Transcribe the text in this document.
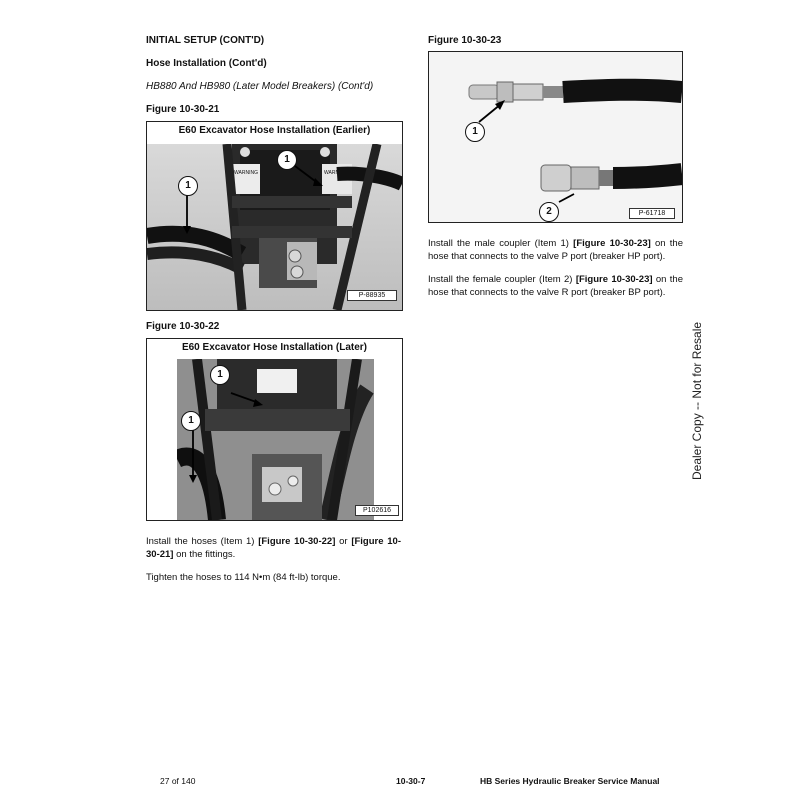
INITIAL SETUP (CONT'D)
Hose Installation (Cont'd)
HB880 And HB980 (Later Model Breakers) (Cont'd)
Figure 10-30-21
E60 Excavator Hose Installation (Earlier)
WARNING	WARNING
1
1
P-88935
Figure 10-30-22
E60 Excavator Hose Installation (Later)
1
1
P102616
Install the hoses (Item 1) [Figure 10-30-22] or [Figure 10-30-21] on the fittings.
Tighten the hoses to 114 N•m (84 ft-lb) torque.
Figure 10-30-23
1
2	P-61718
Install the male coupler (Item 1) [Figure 10-30-23] on the hose that connects to the valve P port (breaker HP port).
Install the female coupler (Item 2) [Figure 10-30-23] on the hose that connects to the valve R port (breaker BP port).
Dealer Copy -- Not for Resale
27 of 140	10-30-7	HB Series Hydraulic Breaker Service Manual
